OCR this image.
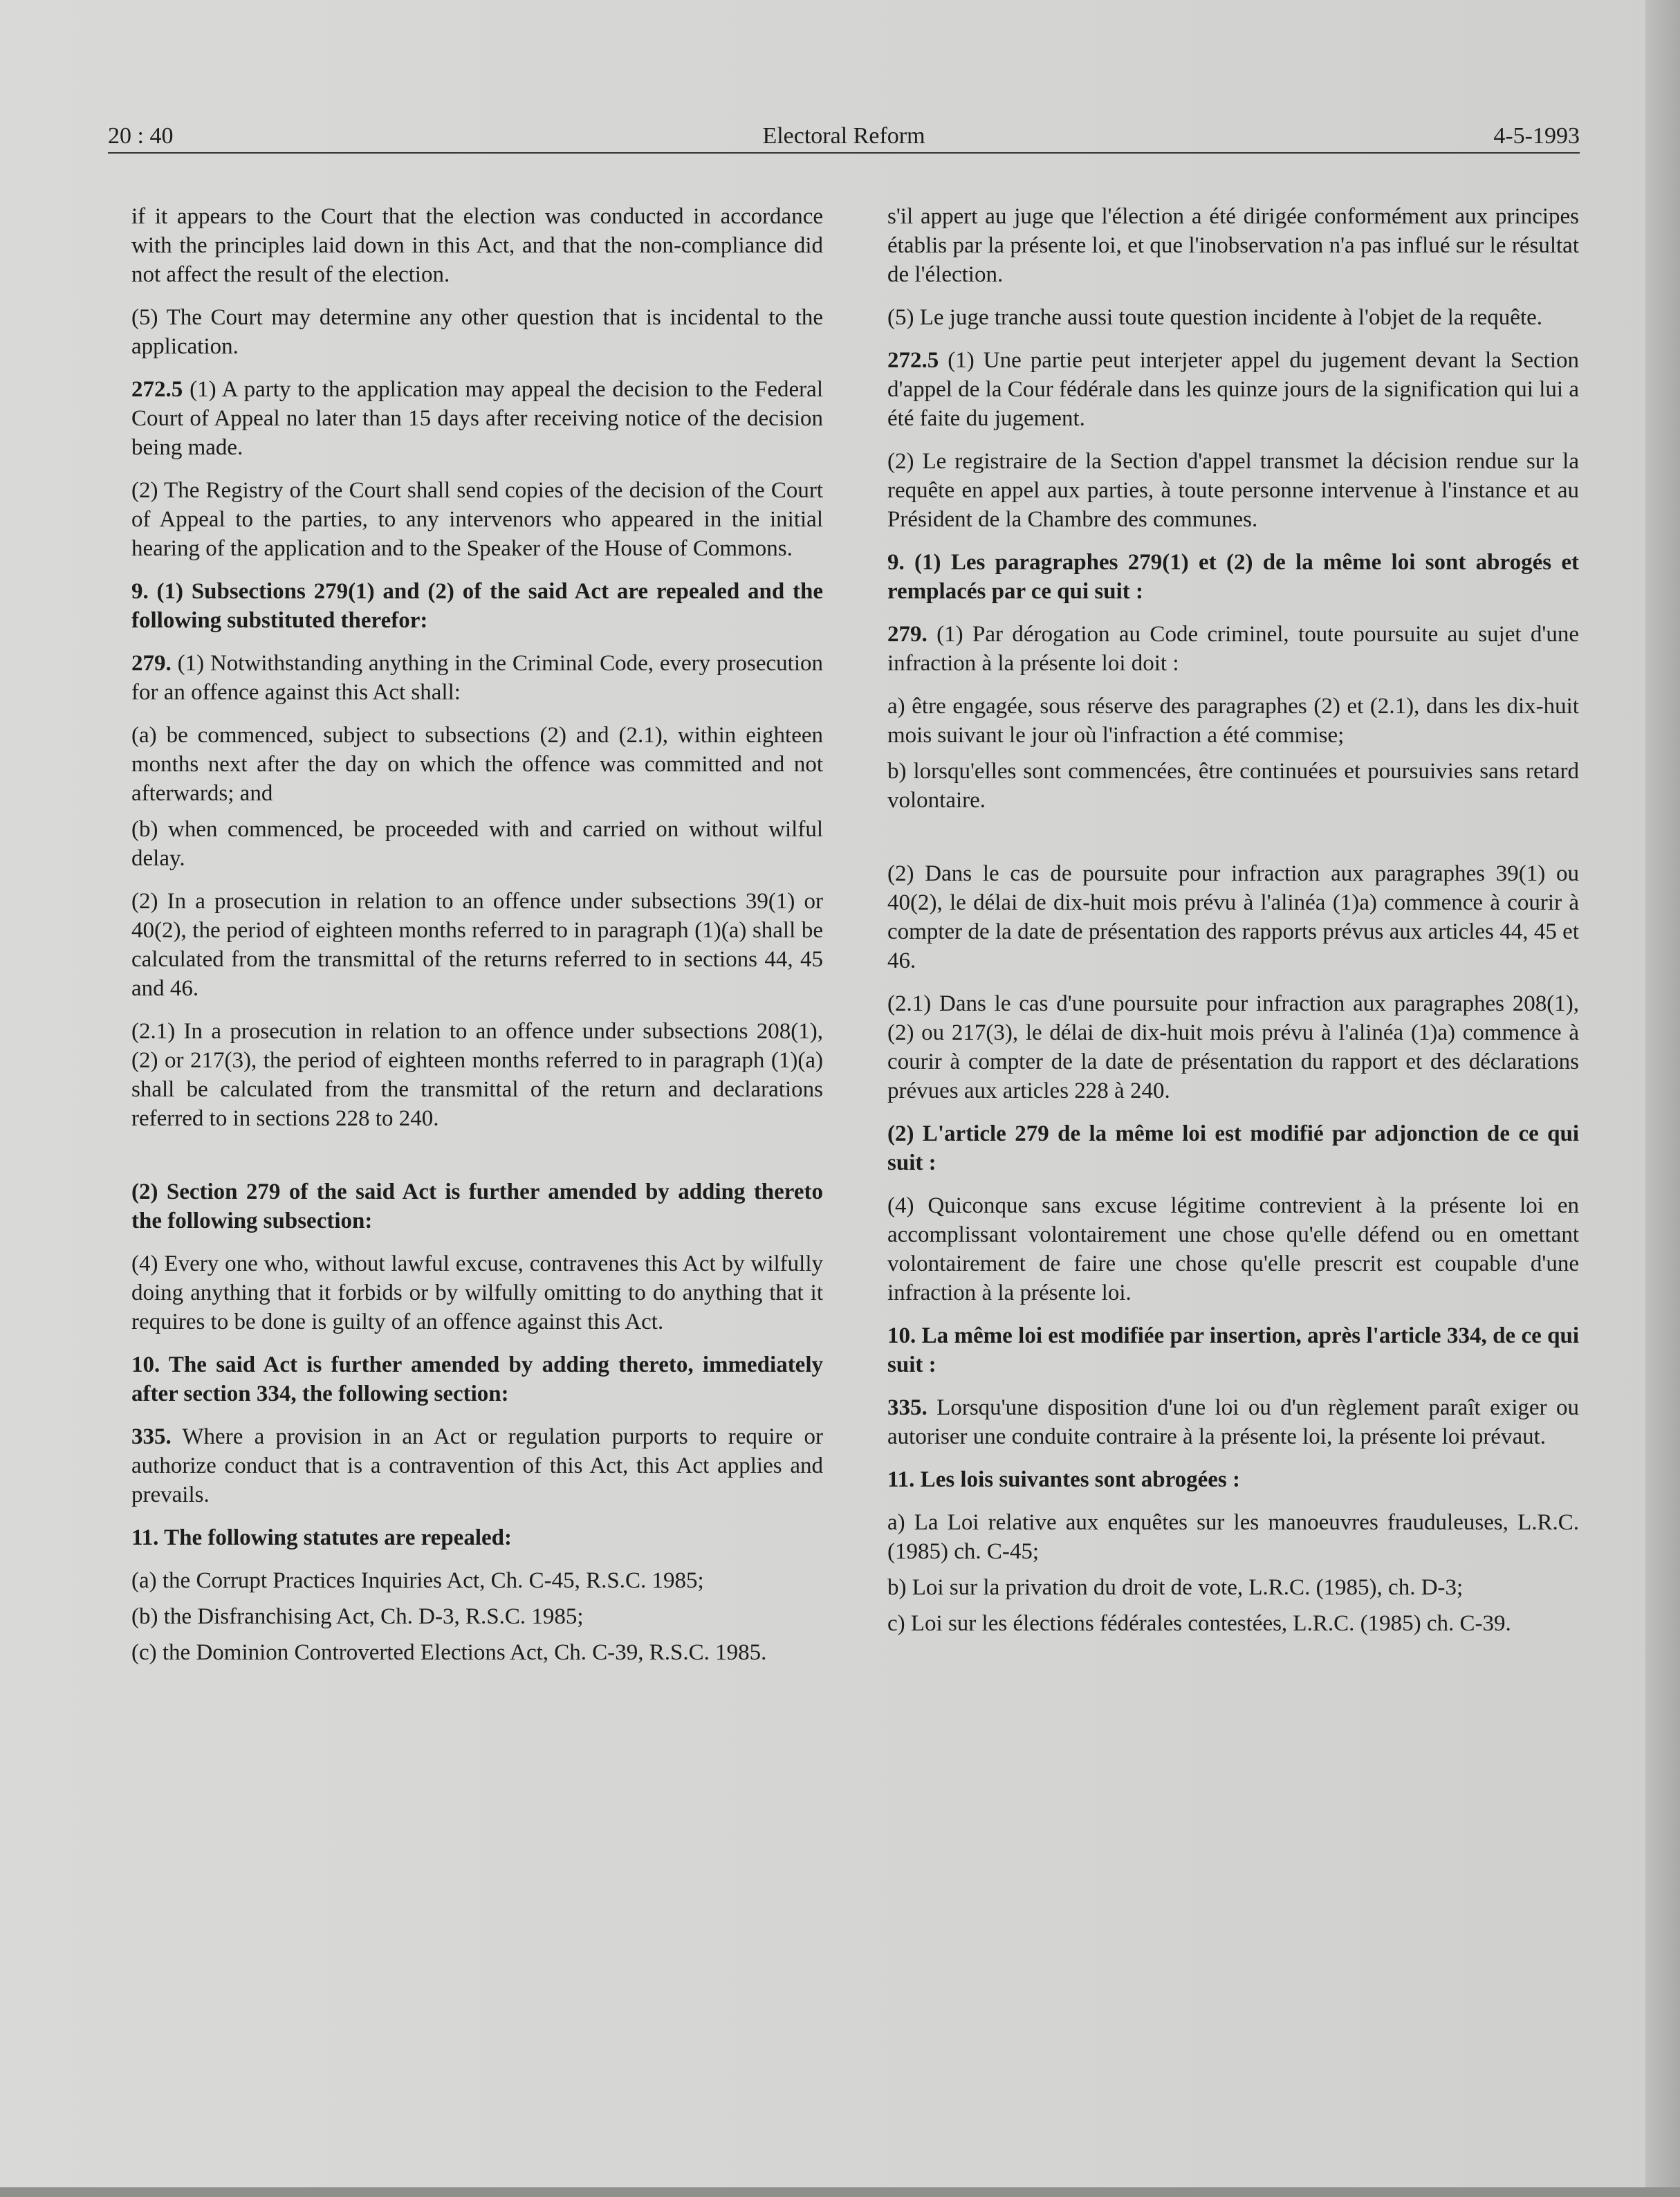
20 : 40	Electoral Reform	4-5-1993

if it appears to the Court that the election was conducted in accordance with the principles laid down in this Act, and that the non-compliance did not affect the result of the election.

(5) The Court may determine any other question that is incidental to the application.

272.5 (1) A party to the application may appeal the decision to the Federal Court of Appeal no later than 15 days after receiving notice of the decision being made.

(2) The Registry of the Court shall send copies of the decision of the Court of Appeal to the parties, to any intervenors who appeared in the initial hearing of the application and to the Speaker of the House of Commons.

9. (1) Subsections 279(1) and (2) of the said Act are repealed and the following substituted therefor:

279. (1) Notwithstanding anything in the Criminal Code, every prosecution for an offence against this Act shall:

(a) be commenced, subject to subsections (2) and (2.1), within eighteen months next after the day on which the offence was committed and not afterwards; and

(b) when commenced, be proceeded with and carried on without wilful delay.

(2) In a prosecution in relation to an offence under subsections 39(1) or 40(2), the period of eighteen months referred to in paragraph (1)(a) shall be calculated from the transmittal of the returns referred to in sections 44, 45 and 46.

(2.1) In a prosecution in relation to an offence under subsections 208(1), (2) or 217(3), the period of eighteen months referred to in paragraph (1)(a) shall be calculated from the transmittal of the return and declarations referred to in sections 228 to 240.

(2) Section 279 of the said Act is further amended by adding thereto the following subsection:

(4) Every one who, without lawful excuse, contravenes this Act by wilfully doing anything that it forbids or by wilfully omitting to do anything that it requires to be done is guilty of an offence against this Act.

10. The said Act is further amended by adding thereto, immediately after section 334, the following section:

335. Where a provision in an Act or regulation purports to require or authorize conduct that is a contravention of this Act, this Act applies and prevails.

11. The following statutes are repealed:

(a) the Corrupt Practices Inquiries Act, Ch. C-45, R.S.C. 1985;

(b) the Disfranchising Act, Ch. D-3, R.S.C. 1985;

(c) the Dominion Controverted Elections Act, Ch. C-39, R.S.C. 1985.

s'il appert au juge que l'élection a été dirigée conformément aux principes établis par la présente loi, et que l'inobservation n'a pas influé sur le résultat de l'élection.

(5) Le juge tranche aussi toute question incidente à l'objet de la requête.

272.5 (1) Une partie peut interjeter appel du jugement devant la Section d'appel de la Cour fédérale dans les quinze jours de la signification qui lui a été faite du jugement.

(2) Le registraire de la Section d'appel transmet la décision rendue sur la requête en appel aux parties, à toute personne intervenue à l'instance et au Président de la Chambre des communes.

9. (1) Les paragraphes 279(1) et (2) de la même loi sont abrogés et remplacés par ce qui suit :

279. (1) Par dérogation au Code criminel, toute poursuite au sujet d'une infraction à la présente loi doit :

a) être engagée, sous réserve des paragraphes (2) et (2.1), dans les dix-huit mois suivant le jour où l'infraction a été commise;

b) lorsqu'elles sont commencées, être continuées et poursuivies sans retard volontaire.

(2) Dans le cas de poursuite pour infraction aux paragraphes 39(1) ou 40(2), le délai de dix-huit mois prévu à l'alinéa (1)a) commence à courir à compter de la date de présentation des rapports prévus aux articles 44, 45 et 46.

(2.1) Dans le cas d'une poursuite pour infraction aux paragraphes 208(1), (2) ou 217(3), le délai de dix-huit mois prévu à l'alinéa (1)a) commence à courir à compter de la date de présentation du rapport et des déclarations prévues aux articles 228 à 240.

(2) L'article 279 de la même loi est modifié par adjonction de ce qui suit :

(4) Quiconque sans excuse légitime contrevient à la présente loi en accomplissant volontairement une chose qu'elle défend ou en omettant volontairement de faire une chose qu'elle prescrit est coupable d'une infraction à la présente loi.

10. La même loi est modifiée par insertion, après l'article 334, de ce qui suit :

335. Lorsqu'une disposition d'une loi ou d'un règlement paraît exiger ou autoriser une conduite contraire à la présente loi, la présente loi prévaut.

11. Les lois suivantes sont abrogées :

a) La Loi relative aux enquêtes sur les manoeuvres frauduleuses, L.R.C. (1985) ch. C-45;

b) Loi sur la privation du droit de vote, L.R.C. (1985), ch. D-3;

c) Loi sur les élections fédérales contestées, L.R.C. (1985) ch. C-39.
